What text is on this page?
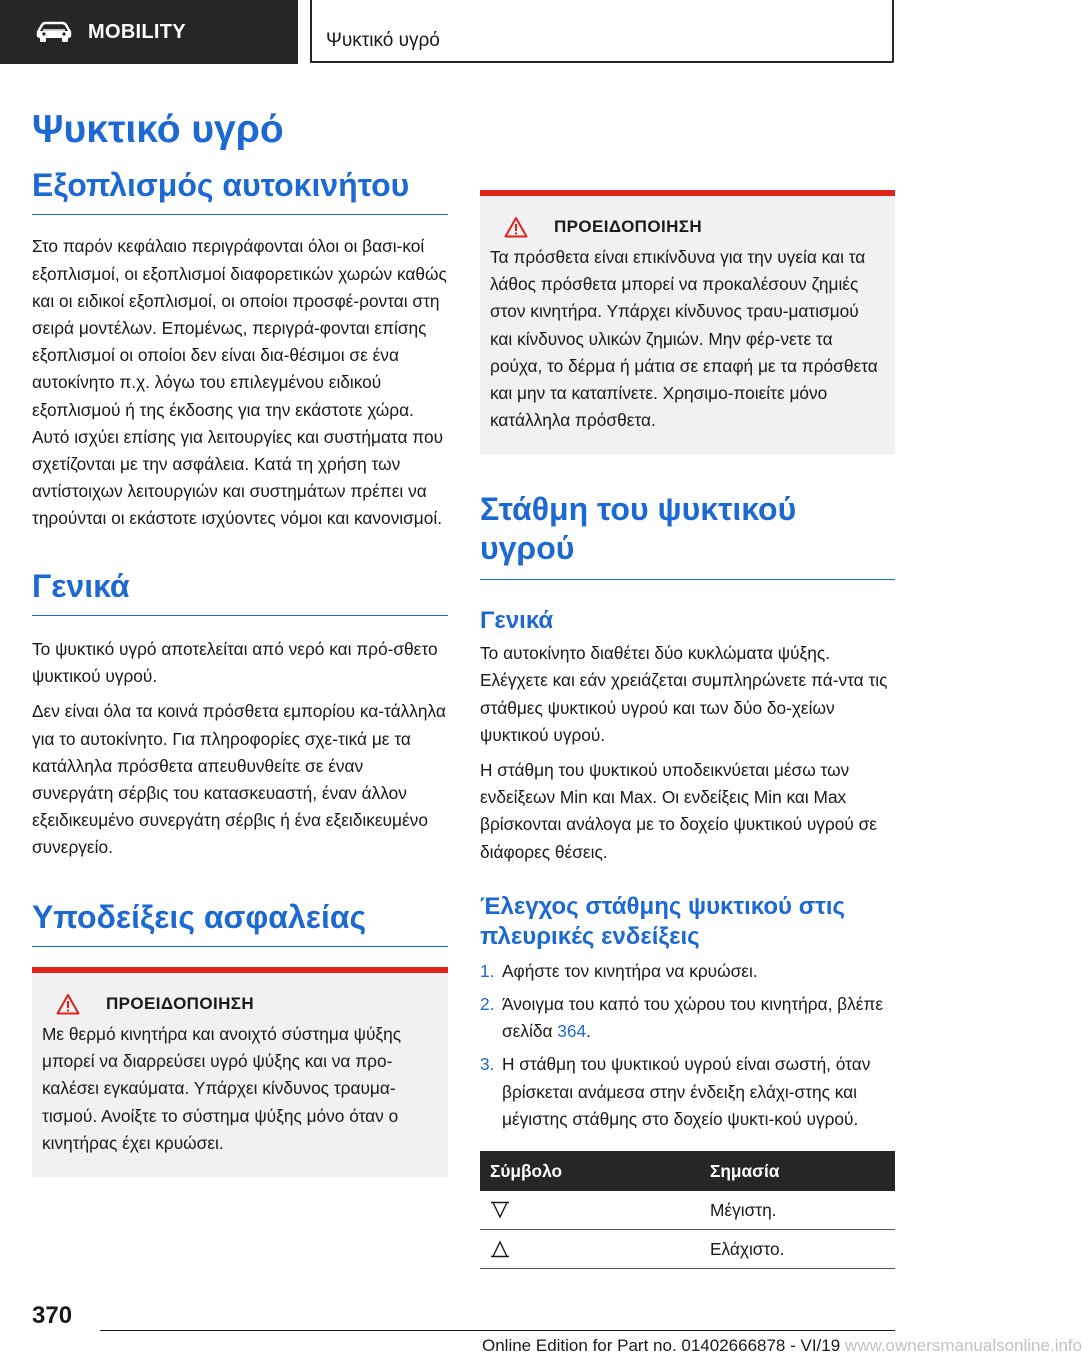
MOBILITY	Ψυκτικό υγρό
Ψυκτικό υγρό
Εξοπλισμός αυτοκινήτου

Στο παρόν κεφάλαιο περιγράφονται όλοι οι βασι-κοί εξοπλισμοί, οι εξοπλισμοί διαφορετικών χωρών καθώς και οι ειδικοί εξοπλισμοί, οι οποίοι προσφέ-ρονται στη σειρά μοντέλων. Επομένως, περιγρά-φονται επίσης εξοπλισμοί οι οποίοι δεν είναι δια-θέσιμοι σε ένα αυτοκίνητο π.χ. λόγω του επιλεγμένου ειδικού εξοπλισμού ή της έκδοσης για την εκάστοτε χώρα. Αυτό ισχύει επίσης για λειτουργίες και συστήματα που σχετίζονται με την ασφάλεια. Κατά τη χρήση των αντίστοιχων λειτουργιών και συστημάτων πρέπει να τηρούνται οι εκάστοτε ισχύοντες νόμοι και κανονισμοί.

Γενικά

Το ψυκτικό υγρό αποτελείται από νερό και πρό-σθετο ψυκτικού υγρού.

Δεν είναι όλα τα κοινά πρόσθετα εμπορίου κα-τάλληλα για το αυτοκίνητο. Για πληροφορίες σχε-τικά με τα κατάλληλα πρόσθετα απευθυνθείτε σε έναν συνεργάτη σέρβις του κατασκευαστή, έναν άλλον εξειδικευμένο συνεργάτη σέρβις ή ένα εξειδικευμένο συνεργείο.

Υποδείξεις ασφαλείας
ΠΡΟΕΙΔΟΠΟΙΗΣΗ

Με θερμό κινητήρα και ανοιχτό σύστημα ψύξης μπορεί να διαρρεύσει υγρό ψύξης και να προ-καλέσει εγκαύματα. Υπάρχει κίνδυνος τραυμα-τισμού. Ανοίξτε το σύστημα ψύξης μόνο όταν ο κινητήρας έχει κρυώσει.

ΠΡΟΕΙΔΟΠΟΙΗΣΗ

Τα πρόσθετα είναι επικίνδυνα για την υγεία και τα λάθος πρόσθετα μπορεί να προκαλέσουν ζημιές στον κινητήρα. Υπάρχει κίνδυνος τραυ-ματισμού και κίνδυνος υλικών ζημιών. Μην φέρ-νετε τα ρούχα, το δέρμα ή μάτια σε επαφή με τα πρόσθετα και μην τα καταπίνετε. Χρησιμο-ποιείτε μόνο κατάλληλα πρόσθετα.

Στάθμη του ψυκτικού υγρού
Γενικά

Το αυτοκίνητο διαθέτει δύο κυκλώματα ψύξης. Ελέγχετε και εάν χρειάζεται συμπληρώνετε πά-ντα τις στάθμες ψυκτικού υγρού και των δύο δο-χείων ψυκτικού υγρού.

Η στάθμη του ψυκτικού υποδεικνύεται μέσω των ενδείξεων Min και Max. Οι ενδείξεις Min και Max βρίσκονται ανάλογα με το δοχείο ψυκτικού υγρού σε διάφορες θέσεις.

Έλεγχος στάθμης ψυκτικού στις πλευρικές ενδείξεις
1. Αφήστε τον κινητήρα να κρυώσει.
2. Άνοιγμα του καπό του χώρου του κινητήρα, βλέπε σελίδα 364.
3. Η στάθμη του ψυκτικού υγρού είναι σωστή, όταν βρίσκεται ανάμεσα στην ένδειξη ελάχι-στης και μέγιστης στάθμης στο δοχείο ψυκτι-κού υγρού.
Σύμβολο	Σημασία

	Μέγιστη.

	Ελάχιστο.
370
Online Edition for Part no. 01402666878 - VI/19 www.ownersmanualsonline.info
